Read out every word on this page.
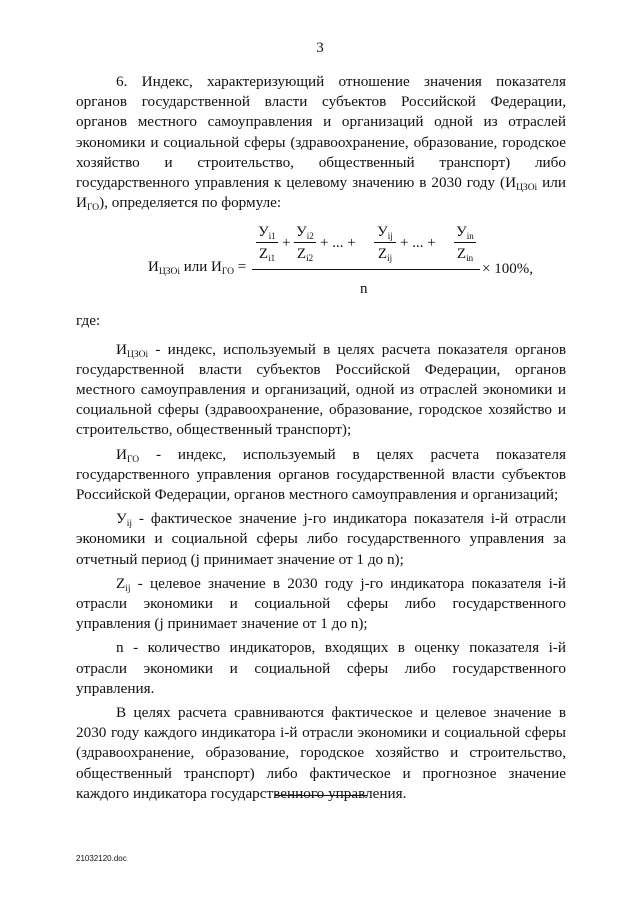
3

6. Индекс, характеризующий отношение значения показателя органов государственной власти субъектов Российской Федерации, органов местного самоуправления и организаций одной из отраслей экономики и социальной сферы (здравоохранение, образование, городское хозяйство и строительство, общественный транспорт) либо государственного управления к целевому значению в 2030 году ($И_{ЦЗОi}$ или $И_{ГО}$), определяется по формуле:

$И_{ЦЗОi}$ или $И_{ГО}$ =
$У_{i1}$
$Z_{i1}$
+
$У_{i2}$
$Z_{i2}$
+ ... +
$У_{ij}$
$Z_{ij}$
+ ... +
$У_{in}$
$Z_{in}$
× 100%,
n

где:

$И_{ЦЗОi}$ - индекс, используемый в целях расчета показателя органов государственной власти субъектов Российской Федерации, органов местного самоуправления и организаций, одной из отраслей экономики и социальной сферы (здравоохранение, образование, городское хозяйство и строительство, общественный транспорт);

$И_{ГО}$ - индекс, используемый в целях расчета показателя государственного управления органов государственной власти субъектов Российской Федерации, органов местного самоуправления и организаций;

$У_{ij}$ - фактическое значение j-го индикатора показателя i-й отрасли экономики и социальной сферы либо государственного управления за отчетный период (j принимает значение от 1 до n);

$Z_{ij}$ - целевое значение в 2030 году j-го индикатора показателя i-й отрасли экономики и социальной сферы либо государственного управления (j принимает значение от 1 до n);

n - количество индикаторов, входящих в оценку показателя i-й отрасли экономики и социальной сферы либо государственного управления.

В целях расчета сравниваются фактическое и целевое значение в 2030 году каждого индикатора i-й отрасли экономики и социальной сферы (здравоохранение, образование, городское хозяйство и строительство, общественный транспорт) либо фактическое и прогнозное значение каждого индикатора государственного управления.

21032120.doc
